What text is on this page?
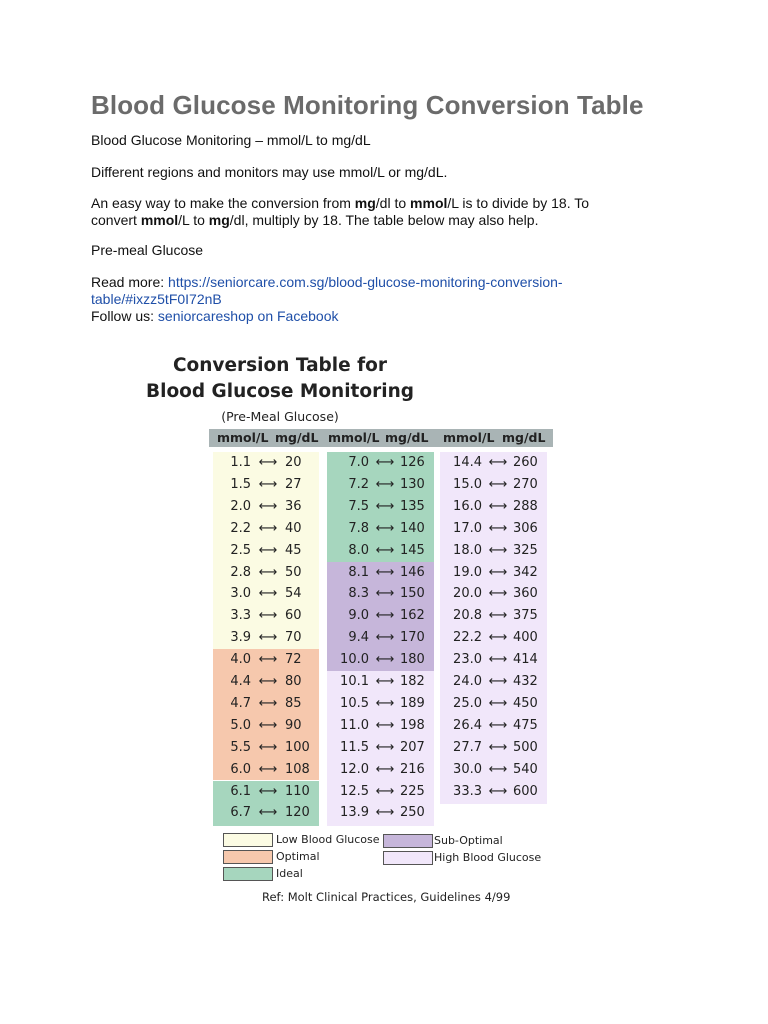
Blood Glucose Monitoring Conversion Table

Blood Glucose Monitoring – mmol/L to mg/dL

Different regions and monitors may use mmol/L or mg/dL.

An easy way to make the conversion from mg/dl to mmol/L is to divide by 18. To convert mmol/L to mg/dl, multiply by 18. The table below may also help.

Pre-meal Glucose

Read more: https://seniorcare.com.sg/blood-glucose-monitoring-conversion-
table/#ixzz5tF0I72nB
Follow us: seniorcareshop on Facebook

Conversion Table for
Blood Glucose Monitoring
(Pre-Meal Glucose)
mmol/L mg/dL mmol/L mg/dL mmol/L mg/dL
1.1 ⟷ 20
1.5 ⟷ 27
2.0 ⟷ 36
2.2 ⟷ 40
2.5 ⟷ 45
2.8 ⟷ 50
3.0 ⟷ 54
3.3 ⟷ 60
3.9 ⟷ 70
4.0 ⟷ 72
4.4 ⟷ 80
4.7 ⟷ 85
5.0 ⟷ 90
5.5 ⟷ 100
6.0 ⟷ 108
6.1 ⟷ 110
6.7 ⟷ 120
7.0 ⟷ 126
7.2 ⟷ 130
7.5 ⟷ 135
7.8 ⟷ 140
8.0 ⟷ 145
8.1 ⟷ 146
8.3 ⟷ 150
9.0 ⟷ 162
9.4 ⟷ 170
10.0 ⟷ 180
10.1 ⟷ 182
10.5 ⟷ 189
11.0 ⟷ 198
11.5 ⟷ 207
12.0 ⟷ 216
12.5 ⟷ 225
13.9 ⟷ 250
14.4 ⟷ 260
15.0 ⟷ 270
16.0 ⟷ 288
17.0 ⟷ 306
18.0 ⟷ 325
19.0 ⟷ 342
20.0 ⟷ 360
20.8 ⟷ 375
22.2 ⟷ 400
23.0 ⟷ 414
24.0 ⟷ 432
25.0 ⟷ 450
26.4 ⟷ 475
27.7 ⟷ 500
30.0 ⟷ 540
33.3 ⟷ 600
Low Blood Glucose
Optimal
Ideal
Sub-Optimal
High Blood Glucose
Ref: Molt Clinical Practices, Guidelines 4/99
